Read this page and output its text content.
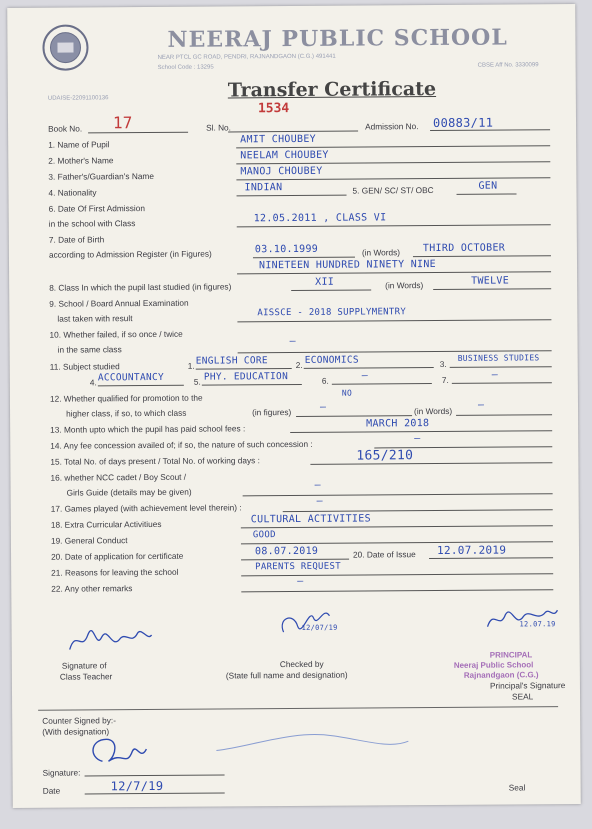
NEERAJ PUBLIC SCHOOL
NEAR PTCL GC ROAD, PENDRI, RAJNANDGAON (C.G.) 491441
School Code : 13295	CBSE Aff No. 3330099
UDAISE-22091100136	Transfer Certificate
1534
Book No. 17	Sl. No.	Admission No. 00883/11
1. Name of Pupil	AMIT CHOUBEY
2. Mother's Name	NEELAM CHOUBEY
3. Father's/Guardian's Name	MANOJ CHOUBEY
4. Nationality	INDIAN	5. GEN/ SC/ ST/ OBC	GEN
6. Date Of First Admission
in the school with Class	12.05.2011 , CLASS VI
7. Date of Birth
according to Admission Register (in Figures)	03.10.1999	(in Words) THIRD OCTOBER
NINETEEN HUNDRED NINETY NINE
8. Class In which the pupil last studied (in figures)	XII	(in Words)	TWELVE
9. School / Board Annual Examination
last taken with result
AISSCE - 2018 SUPPLYMENTRY
10. Whether failed, if so once / twice
in the same class
—
11. Subject studied	1. ENGLISH CORE	2. ECONOMICS	3.
BUSINESS STUDIES
4. ACCOUNTANCY	5. PHY. EDUCATION	6.	—	7.	—
12. Whether qualified for promotion to the	NO
higher class, if so, to which class	(in figures)	—	(in Words)
—
13. Month upto which the pupil has paid school fees :	MARCH 2018
14. Any fee concession availed of; if so, the nature of such concession :
—
15. Total No. of days present / Total No. of working days :	165/210
16. whether NCC cadet / Boy Scout /
Girls Guide (details may be given)
—
17. Games played (with achievement level therein) :
—
18. Extra Curricular Activitiues	CULTURAL ACTIVITIES
19. General Conduct	GOOD
20. Date of application for certificate	08.07.2019	20. Date of Issue 12.07.2019
21. Reasons for leaving the school	PARENTS REQUEST
22. Any other remarks
—
Signature of
Class Teacher
12/07/19
Checked by
(State full name and designation)
12.07.19
PRINCIPAL
Neeraj Public School
Rajnandgaon (C.G.)
Principal's Signature
SEAL
Counter Signed by:-
(With designation)
Signature:
Date	12/7/19	Seal
